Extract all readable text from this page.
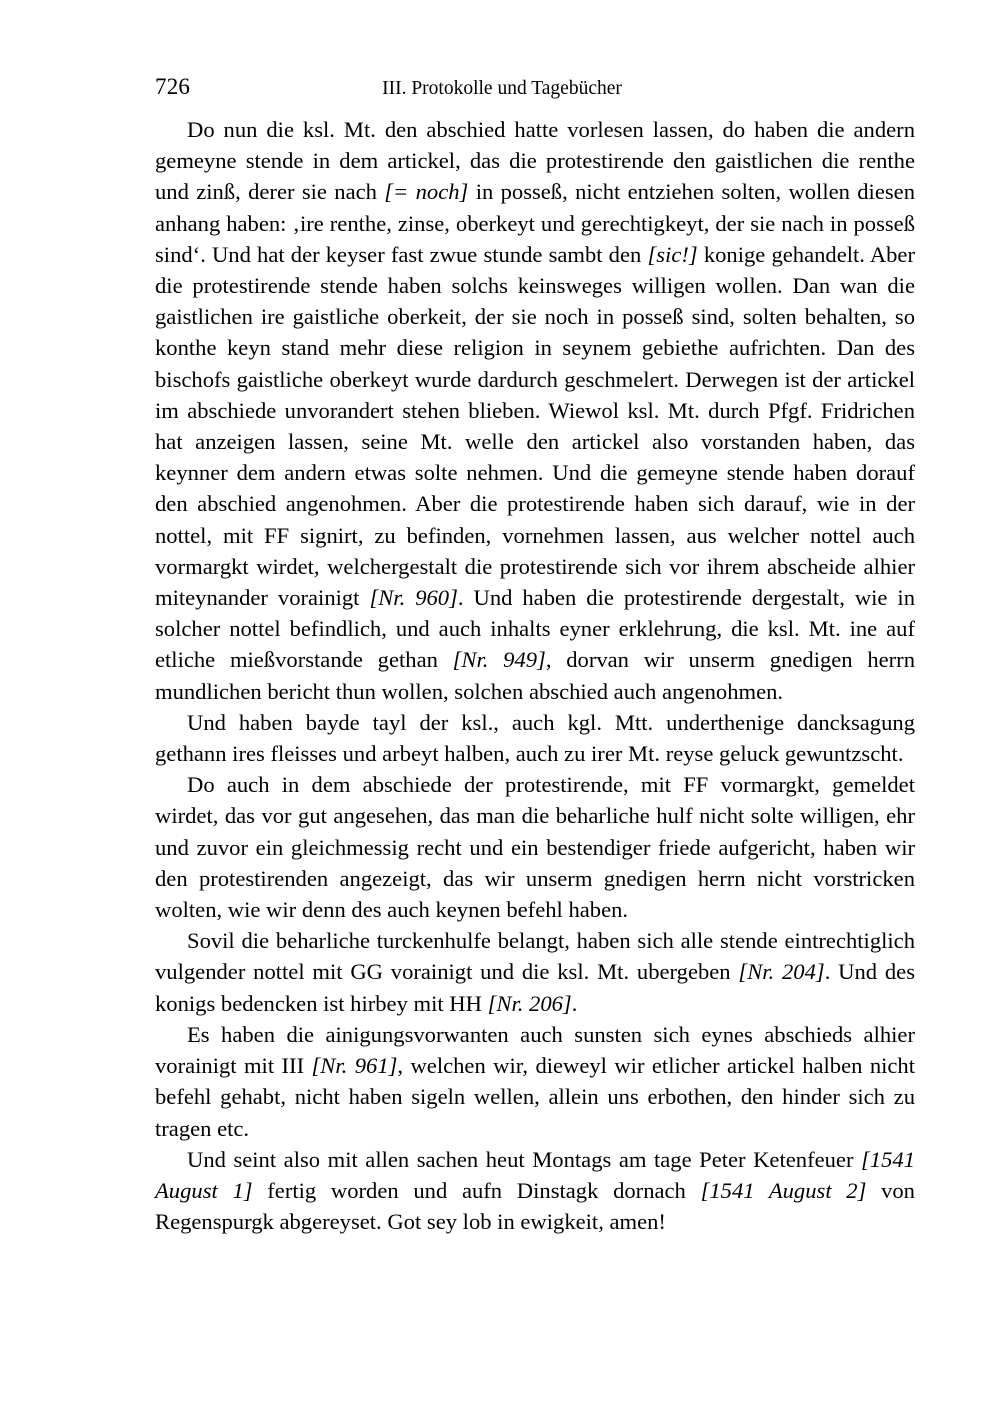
726	III. Protokolle und Tagebücher

Do nun die ksl. Mt. den abschied hatte vorlesen lassen, do haben die andern gemeyne stende in dem artickel, das die protestirende den gaistlichen die renthe und zinß, derer sie nach [= noch] in posseß, nicht entziehen solten, wollen diesen anhang haben: ‚ire renthe, zinse, oberkeyt und gerechtigkeyt, der sie nach in posseß sind‘. Und hat der keyser fast zwue stunde sambt den [sic!] konige gehandelt. Aber die protestirende stende haben solchs keinsweges willigen wollen. Dan wan die gaistlichen ire gaistliche oberkeit, der sie noch in posseß sind, solten behalten, so konthe keyn stand mehr diese religion in seynem gebiethe aufrichten. Dan des bischofs gaistliche oberkeyt wurde dardurch geschmelert. Derwegen ist der artickel im abschiede unvorandert stehen blieben. Wiewol ksl. Mt. durch Pfgf. Fridrichen hat anzeigen lassen, seine Mt. welle den artickel also vorstanden haben, das keynner dem andern etwas solte nehmen. Und die gemeyne stende haben dorauf den abschied angenohmen. Aber die protestirende haben sich darauf, wie in der nottel, mit FF signirt, zu befinden, vornehmen lassen, aus welcher nottel auch vormargkt wirdet, welchergestalt die protestirende sich vor ihrem abscheide alhier miteynander vorainigt [Nr. 960]. Und haben die protestirende dergestalt, wie in solcher nottel befindlich, und auch inhalts eyner erklehrung, die ksl. Mt. ine auf etliche mießvorstande gethan [Nr. 949], dorvan wir unserm gnedigen herrn mundlichen bericht thun wollen, solchen abschied auch angenohmen.

Und haben bayde tayl der ksl., auch kgl. Mtt. underthenige dancksagung gethann ires fleisses und arbeyt halben, auch zu irer Mt. reyse geluck gewuntzscht.

Do auch in dem abschiede der protestirende, mit FF vormargkt, gemeldet wirdet, das vor gut angesehen, das man die beharliche hulf nicht solte willigen, ehr und zuvor ein gleichmessig recht und ein bestendiger friede aufgericht, haben wir den protestirenden angezeigt, das wir unserm gnedigen herrn nicht vorstricken wolten, wie wir denn des auch keynen befehl haben.

Sovil die beharliche turckenhulfe belangt, haben sich alle stende eintrechtiglich vulgender nottel mit GG vorainigt und die ksl. Mt. ubergeben [Nr. 204]. Und des konigs bedencken ist hirbey mit HH [Nr. 206].

Es haben die ainigungsvorwanten auch sunsten sich eynes abschieds alhier vorainigt mit III [Nr. 961], welchen wir, dieweyl wir etlicher artickel halben nicht befehl gehabt, nicht haben sigeln wellen, allein uns erbothen, den hinder sich zu tragen etc.

Und seint also mit allen sachen heut Montags am tage Peter Ketenfeuer [1541 August 1] fertig worden und aufn Dinstagk dornach [1541 August 2] von Regenspurgk abgereyset. Got sey lob in ewigkeit, amen!
